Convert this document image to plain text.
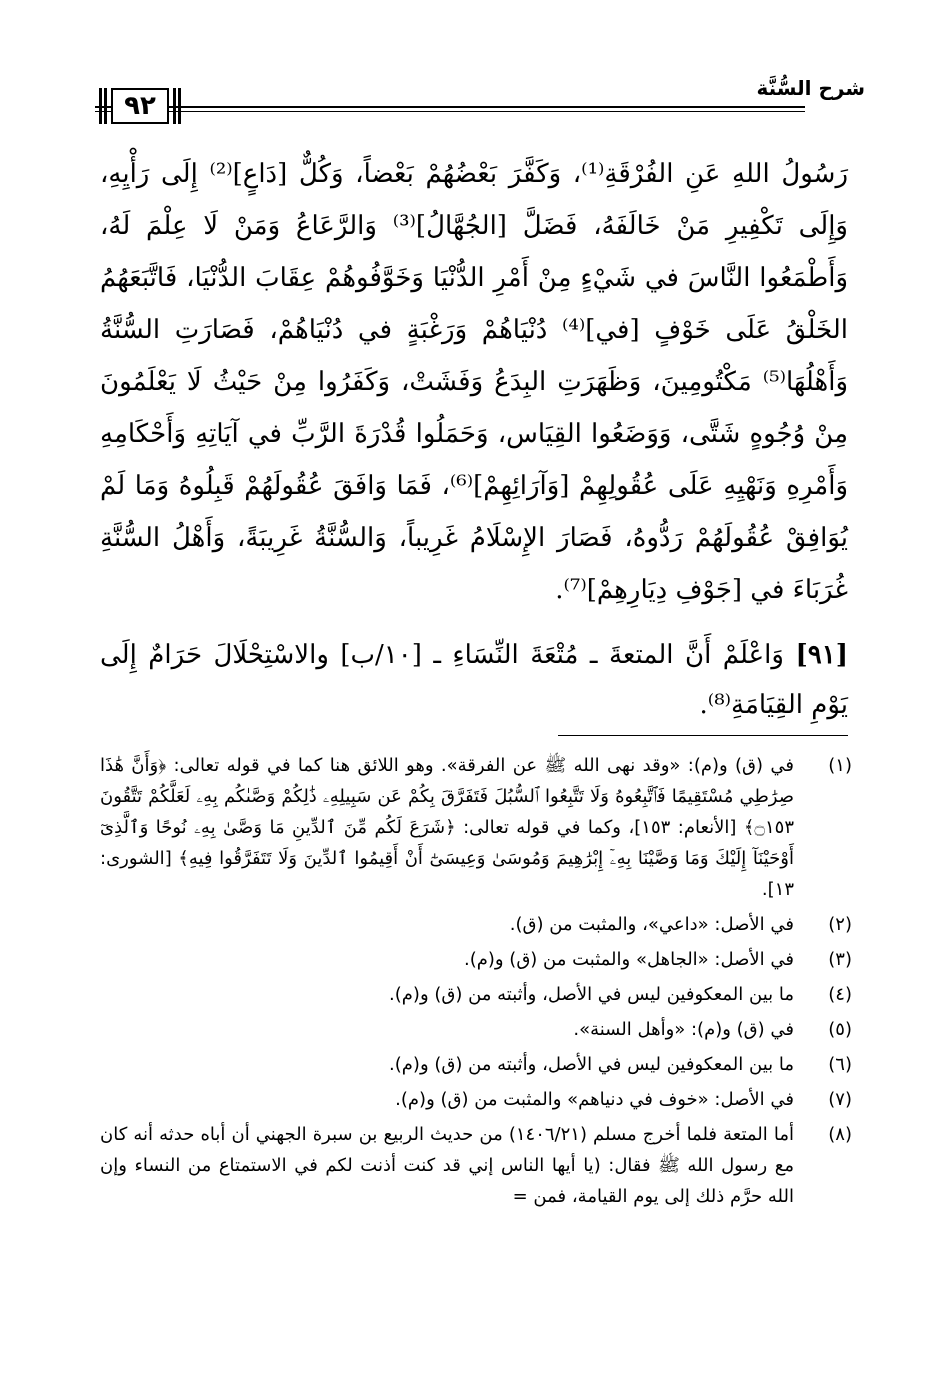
٩٢
شرح السُّنَّة

رَسُولُ اللهِ عَنِ الفُرْقَةِ⁽¹⁾، وَكَفَّرَ بَعْضُهُمْ بَعْضاً، وَكُلٌّ [دَاعٍ]⁽²⁾ إِلَى رَأْيِهِ، وَإِلَى تَكْفِيرِ مَنْ خَالَفَهُ، فَضَلَّ [الجُهَّالُ]⁽³⁾ وَالرَّعَاعُ وَمَنْ لَا عِلْمَ لَهُ، وَأَطْمَعُوا النَّاسَ في شَيْءٍ مِنْ أَمْرِ الدُّنْيَا وَخَوَّفُوهُمْ عِقَابَ الدُّنْيَا، فَاتَّبَعَهُمُ الخَلْقُ عَلَى خَوْفٍ [في]⁽⁴⁾ دُنْيَاهُمْ وَرَغْبَةٍ في دُنْيَاهُمْ، فَصَارَتِ السُّنَّةُ وَأَهْلُهَا⁽⁵⁾ مَكْتُومِينَ، وَظَهَرَتِ البِدَعُ وَفَشَتْ، وَكَفَرُوا مِنْ حَيْثُ لَا يَعْلَمُونَ مِنْ وُجُوهٍ شَتَّى، وَوَضَعُوا القِيَاس، وَحَمَلُوا قُدْرَةَ الرَّبِّ في آيَاتِهِ وَأَحْكَامِهِ وَأَمْرِهِ وَنَهْيِهِ عَلَى عُقُولِهِمْ [وَآرَائِهِمْ]⁽⁶⁾، فَمَا وَافَقَ عُقُولَهُمْ قَبِلُوهُ وَمَا لَمْ يُوَافِقْ عُقُولَهُمْ رَدُّوهُ، فَصَارَ الإِسْلَامُ غَرِيباً، وَالسُّنَّةُ غَرِيبَةً، وَأَهْلُ السُّنَّةِ غُرَبَاءَ في [جَوْفِ دِيَارِهِمْ]⁽⁷⁾.

[٩١] وَاعْلَمْ أَنَّ المتعةَ ـ مُتْعَةَ النِّسَاءِ ـ [١٠/ب] والاسْتِحْلَالَ حَرَامٌ إِلَى يَوْمِ القِيَامَةِ⁽⁸⁾.

(١)
في (ق) و(م): «وقد نهى الله ﷺ عن الفرقة». وهو اللائق هنا كما في قوله تعالى: ﴿وَأَنَّ هَٰذَا صِرَٰطِي مُسْتَقِيمًا فَٱتَّبِعُوهُ وَلَا تَتَّبِعُوا ٱلسُّبُلَ فَتَفَرَّقَ بِكُمْ عَن سَبِيلِهِۦ ذَٰلِكُمْ وَصَّىٰكُم بِهِۦ لَعَلَّكُمْ تَتَّقُونَ ۝١٥٣﴾ [الأنعام: ١٥٣]، وكما في قوله تعالى: ﴿شَرَعَ لَكُم مِّنَ ٱلدِّينِ مَا وَصَّىٰ بِهِۦ نُوحًا وَٱلَّذِىٓ أَوْحَيْنَآ إِلَيْكَ وَمَا وَصَّيْنَا بِهِۦٓ إِبْرَٰهِيمَ وَمُوسَىٰ وَعِيسَىٰٓ أَنْ أَقِيمُوا ٱلدِّينَ وَلَا تَتَفَرَّقُوا فِيهِ﴾ [الشورى: ١٣].
(٢)
في الأصل: «داعي»، والمثبت من (ق).
(٣)
في الأصل: «الجاهل» والمثبت من (ق) و(م).
(٤)
ما بين المعكوفين ليس في الأصل، وأثبته من (ق) و(م).
(٥)
في (ق) و(م): «وأهل السنة».
(٦)
ما بين المعكوفين ليس في الأصل، وأثبته من (ق) و(م).
(٧)
في الأصل: «خوف في دنياهم» والمثبت من (ق) و(م).
(٨)
أما المتعة فلما أخرج مسلم (١٤٠٦/٢١) من حديث الربيع بن سبرة الجهني أن أباه حدثه أنه كان مع رسول الله ﷺ فقال: (يا أيها الناس إني قد كنت أذنت لكم في الاستمتاع من النساء وإن الله حرَّم ذلك إلى يوم القيامة، فمن =
